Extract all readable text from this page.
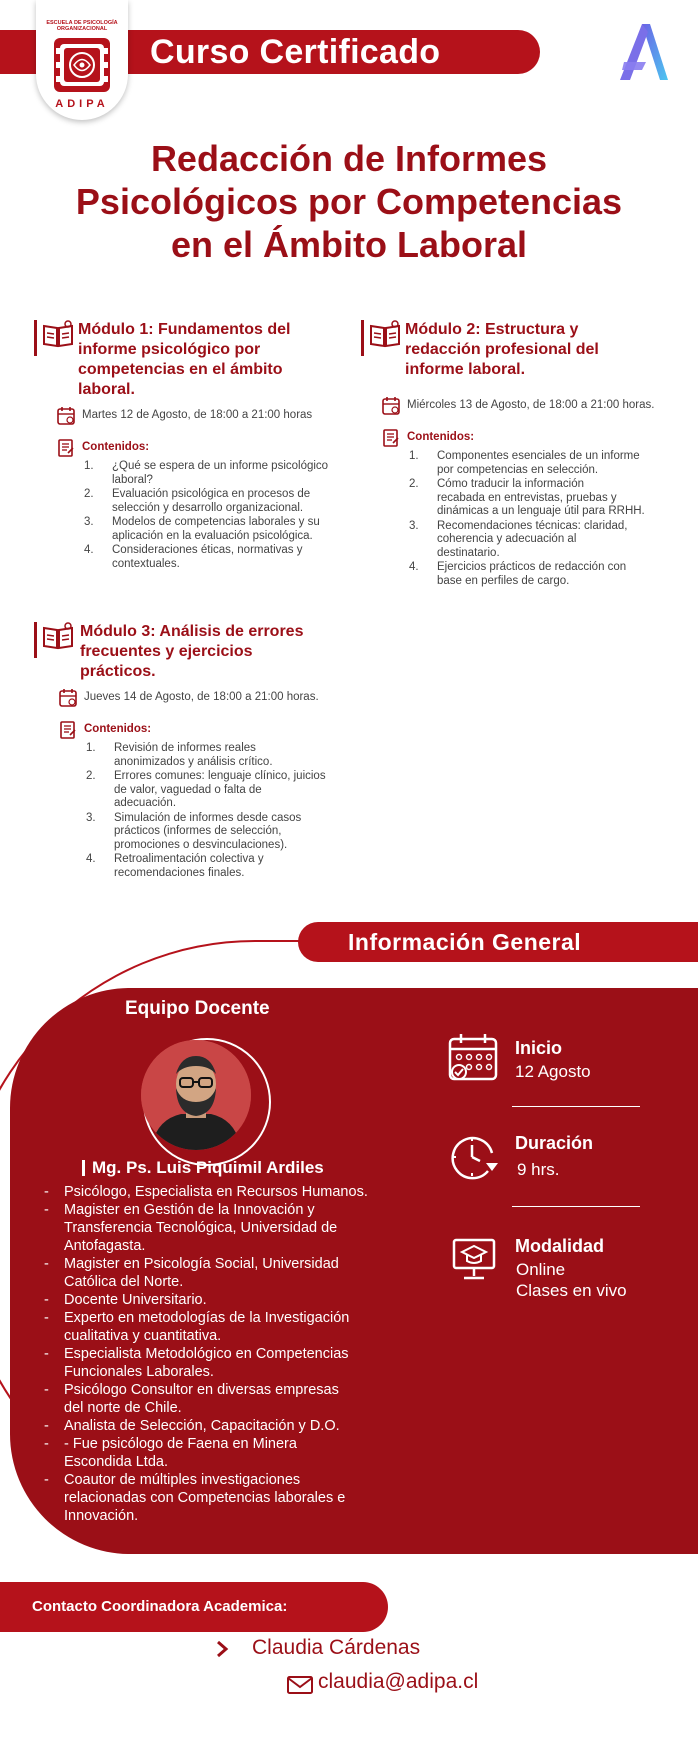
Curso Certificado
ESCUELA DE PSICOLOGÍA ORGANIZACIONAL
ADIPA
Redacción de Informes
Psicológicos por Competencias
en el Ámbito Laboral
Módulo 1: Fundamentos del
informe psicológico por
competencias en el ámbito
laboral.
Martes 12 de Agosto, de 18:00 a 21:00 horas
Contenidos:
1. ¿Qué se espera de un informe psicológico
laboral?
2. Evaluación psicológica en procesos de
selección y desarrollo organizacional.
3. Modelos de competencias laborales y su
aplicación en la evaluación psicológica.
4. Consideraciones éticas, normativas y
contextuales.
Módulo 2: Estructura y
redacción profesional del
informe laboral.
Miércoles 13 de Agosto, de 18:00 a 21:00 horas.
Contenidos:
1. Componentes esenciales de un informe
por competencias en selección.
2. Cómo traducir la información
recabada en entrevistas, pruebas y
dinámicas a un lenguaje útil para RRHH.
3. Recomendaciones técnicas: claridad,
coherencia y adecuación al
destinatario.
4. Ejercicios prácticos de redacción con
base en perfiles de cargo.
Módulo 3: Análisis de errores
frecuentes y ejercicios
prácticos.
Jueves 14 de Agosto, de 18:00 a 21:00 horas.
Contenidos:
1. Revisión de informes reales
anonimizados y análisis crítico.
2. Errores comunes: lenguaje clínico, juicios
de valor, vaguedad o falta de
adecuación.
3. Simulación de informes desde casos
prácticos (informes de selección,
promociones o desvinculaciones).
4. Retroalimentación colectiva y
recomendaciones finales.
Información General
Equipo Docente
Mg. Ps. Luis Piquimil Ardiles
- Psicólogo, Especialista en Recursos Humanos.
- Magister en Gestión de la Innovación y
Transferencia Tecnológica, Universidad de
Antofagasta.
- Magister en Psicología Social, Universidad
Católica del Norte.
- Docente Universitario.
- Experto en metodologías de la Investigación
cualitativa y cuantitativa.
- Especialista Metodológico en Competencias
Funcionales Laborales.
- Psicólogo Consultor en diversas empresas
del norte de Chile.
- Analista de Selección, Capacitación y D.O.
- - Fue psicólogo de Faena en Minera
Escondida Ltda.
- Coautor de múltiples investigaciones
relacionadas con Competencias laborales e
Innovación.
Inicio
12 Agosto
Duración
9 hrs.
Modalidad
Online
Clases en vivo
Contacto Coordinadora Academica:
Claudia Cárdenas
claudia@adipa.cl
